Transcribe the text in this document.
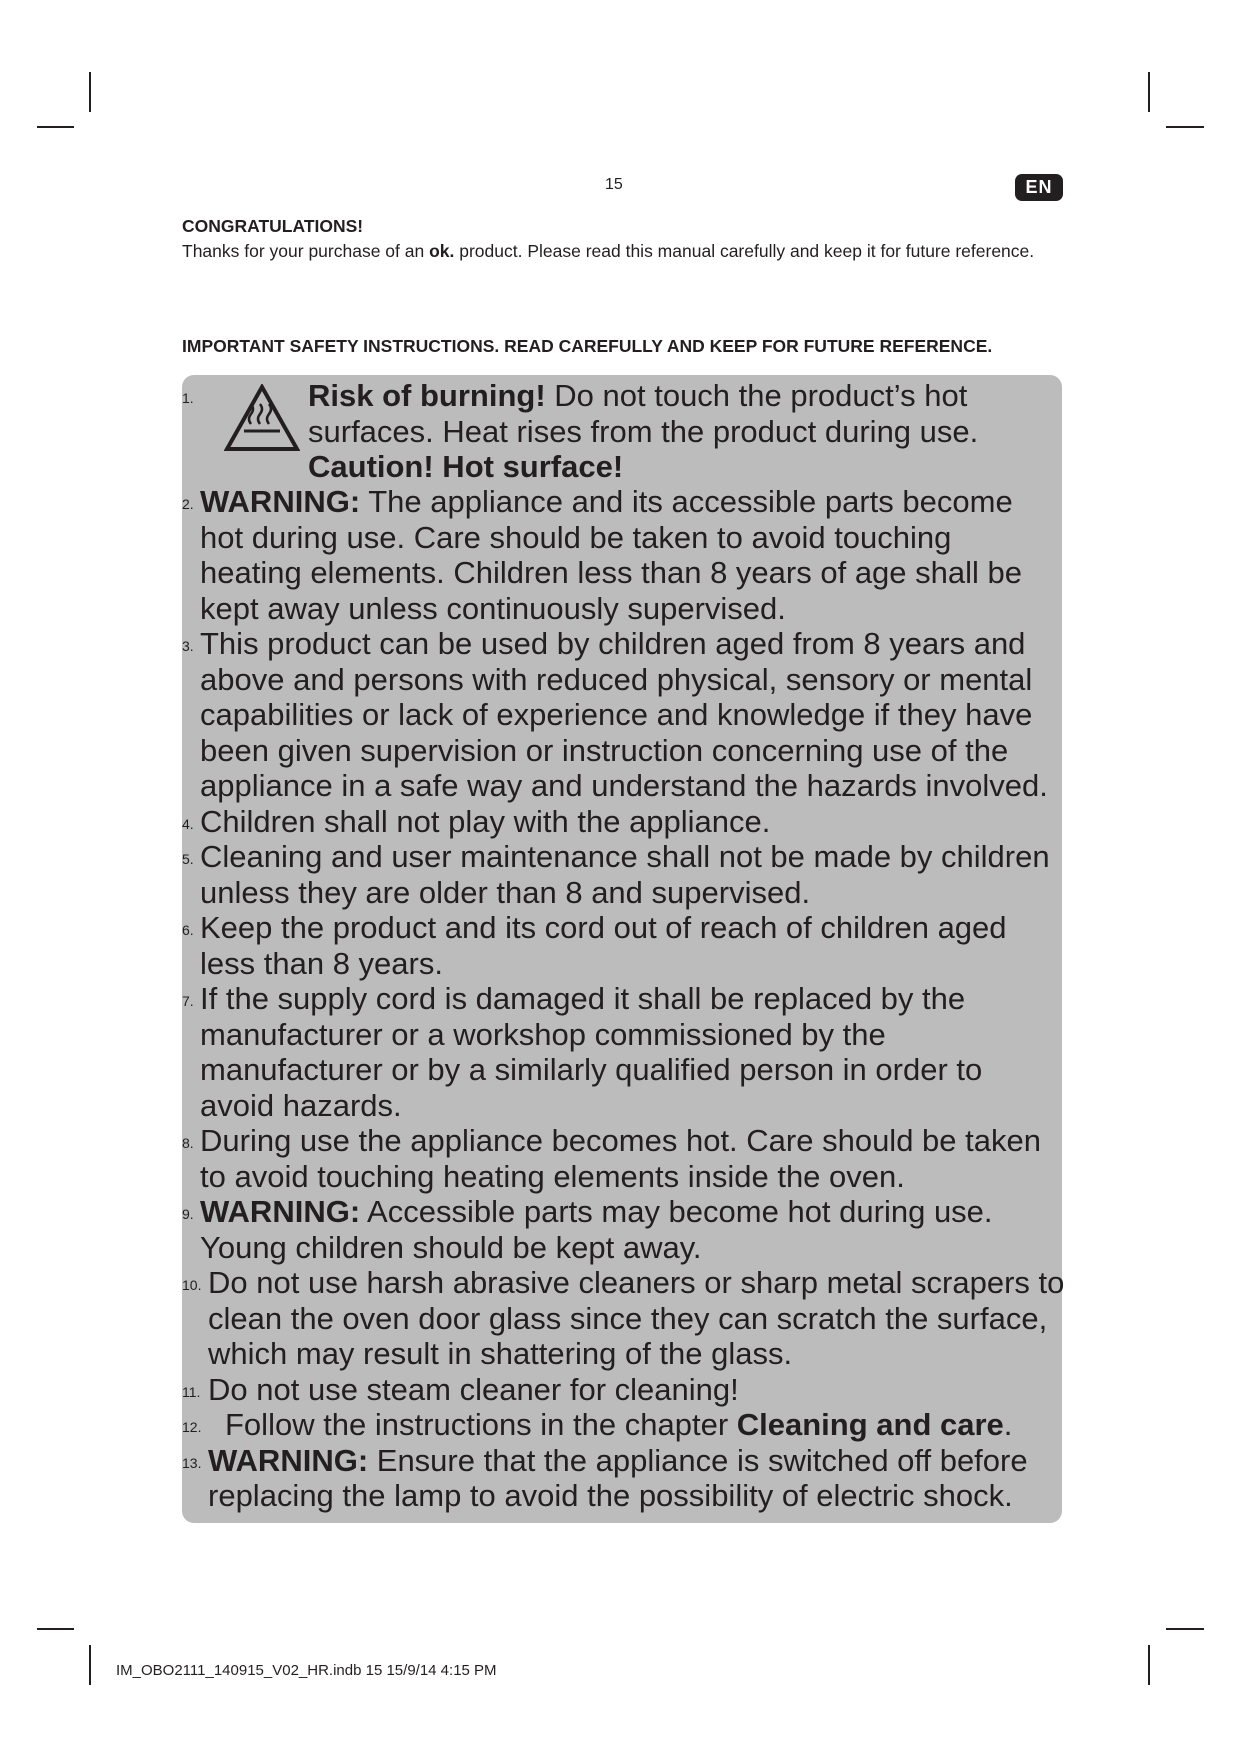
15	EN
CONGRATULATIONS!
Thanks for your purchase of an ok. product. Please read this manual carefully and keep it for future reference.
IMPORTANT SAFETY INSTRUCTIONS. READ CAREFULLY AND KEEP FOR FUTURE REFERENCE.
1.	Risk of burning! Do not touch the product’s hot surfaces. Heat rises from the product during use.
Caution! Hot surface!
2. WARNING: The appliance and its accessible parts become hot during use. Care should be taken to avoid touching heating elements. Children less than 8 years of age shall be kept away unless continuously supervised.
3. This product can be used by children aged from 8 years and above and persons with reduced physical, sensory or mental capabilities or lack of experience and knowledge if they have been given supervision or instruction concerning use of the appliance in a safe way and understand the hazards involved.
4. Children shall not play with the appliance.
5. Cleaning and user maintenance shall not be made by children unless they are older than 8 and supervised.
6. Keep the product and its cord out of reach of children aged less than 8 years.
7. If the supply cord is damaged it shall be replaced by the manufacturer or a workshop commissioned by the manufacturer or by a similarly qualified person in order to avoid hazards.
8. During use the appliance becomes hot. Care should be taken to avoid touching heating elements inside the oven.
9. WARNING: Accessible parts may become hot during use. Young children should be kept away.
10. Do not use harsh abrasive cleaners or sharp metal scrapers to clean the oven door glass since they can scratch the surface, which may result in shattering of the glass.
11. Do not use steam cleaner for cleaning!
12. Follow the instructions in the chapter Cleaning and care.
13. WARNING: Ensure that the appliance is switched off before replacing the lamp to avoid the possibility of electric shock.
IM_OBO2111_140915_V02_HR.indb 15 15/9/14 4:15 PM
